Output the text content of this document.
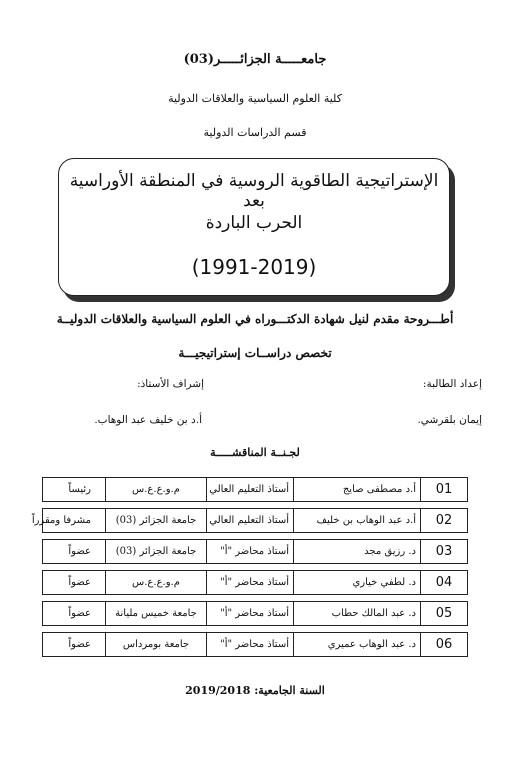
جامعـــــة الجزائـــــر(03)
كلية العلوم السياسية والعلاقات الدولية
قسم الدراسات الدولية
الإستراتيجية الطاقوية الروسية في المنطقة الأوراسية بعد
الحرب الباردة
(1991-2019)
أطـــروحة مقدم لنيل شهادة الدكتـــوراه في العلوم السياسية والعلاقات الدوليــة
تخصص دراســات إستراتيجيـــة
إعداد الطالبة:
إشراف الأستاذ:
إيمان بلقرشي.
أ.د بن خليف عبد الوهاب.
لجـنــة المناقشـــــة
01	أ.د مصطفى صايج	أستاذ التعليم العالي	م.و.ع.ع.س	رئيساً

02	أ.د عبد الوهاب بن خليف	أستاذ التعليم العالي	جامعة الجزائر (03)	مشرفا ومقرراً

03	د. رزيق مجد	أستاذ محاضر "أ"	جامعة الجزائر (03)	عضواً

04	د. لطفي خياري	أستاذ محاضر "أ"	م.و.ع.ع.س	عضواً

05	د. عبد المالك حطاب	أستاذ محاضر "أ"	جامعة خميس مليانة	عضواً

06	د. عبد الوهاب عميري	أستاذ محاضر "أ"	جامعة بومرداس	عضواً
السنة الجامعية: 2019/2018
